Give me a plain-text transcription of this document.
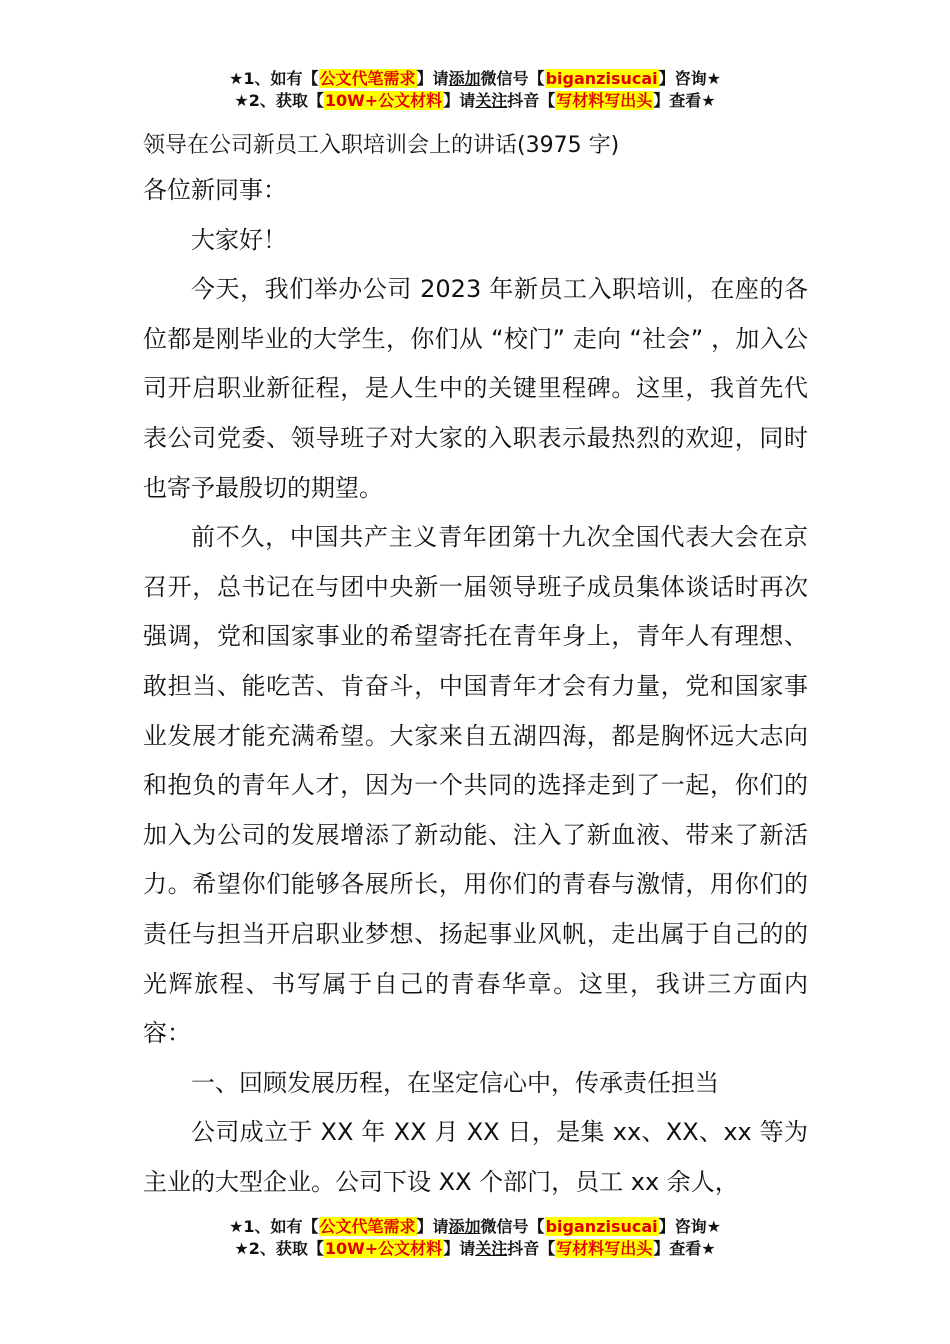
★1、如有【公文代笔需求】请添加微信号【biganzisucai】咨询★
★2、获取【10W+公文材料】请关注抖音【写材料写出头】查看★

领导在公司新员工入职培训会上的讲话(3975 字)

各位新同事：

大家好！

今天，我们举办公司 2023 年新员工入职培训，在座的各位都是刚毕业的大学生，你们从 “校门” 走向 “社会” ，加入公司开启职业新征程，是人生中的关键里程碑。这里，我首先代表公司党委、领导班子对大家的入职表示最热烈的欢迎，同时也寄予最殷切的期望。

前不久，中国共产主义青年团第十九次全国代表大会在京召开，总书记在与团中央新一届领导班子成员集体谈话时再次强调，党和国家事业的希望寄托在青年身上，青年人有理想、敢担当、能吃苦、肯奋斗，中国青年才会有力量，党和国家事业发展才能充满希望。大家来自五湖四海，都是胸怀远大志向和抱负的青年人才，因为一个共同的选择走到了一起，你们的加入为公司的发展增添了新动能、注入了新血液、带来了新活力。希望你们能够各展所长，用你们的青春与激情，用你们的责任与担当开启职业梦想、扬起事业风帆，走出属于自己的的光辉旅程、书写属于自己的青春华章。这里，我讲三方面内容：

一、回顾发展历程，在坚定信心中，传承责任担当

公司成立于 XX 年 XX 月 XX 日，是集 xx、XX、xx 等为主业的大型企业。公司下设 XX 个部门，员工 xx 余人，

★1、如有【公文代笔需求】请添加微信号【biganzisucai】咨询★
★2、获取【10W+公文材料】请关注抖音【写材料写出头】查看★
